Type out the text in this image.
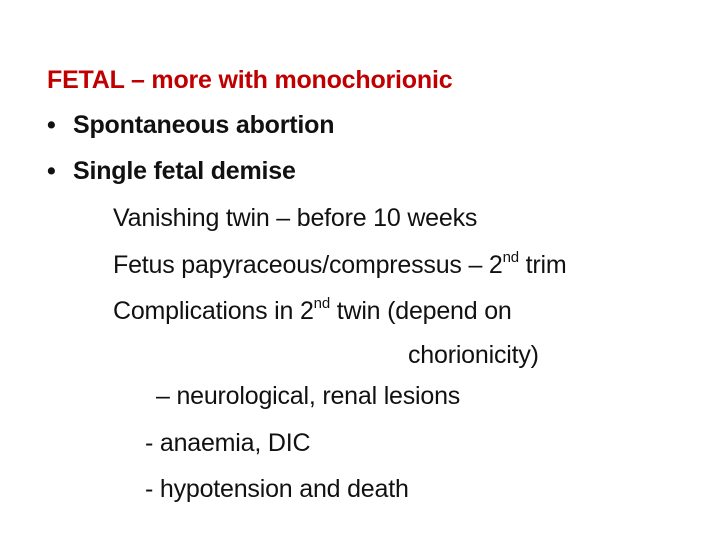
FETAL – more with monochorionic
• Spontaneous abortion
• Single fetal demise
Vanishing twin – before 10 weeks
Fetus papyraceous/compressus – 2nd trim
Complications in 2nd twin (depend on
chorionicity)
– neurological, renal lesions
- anaemia, DIC
- hypotension and death
